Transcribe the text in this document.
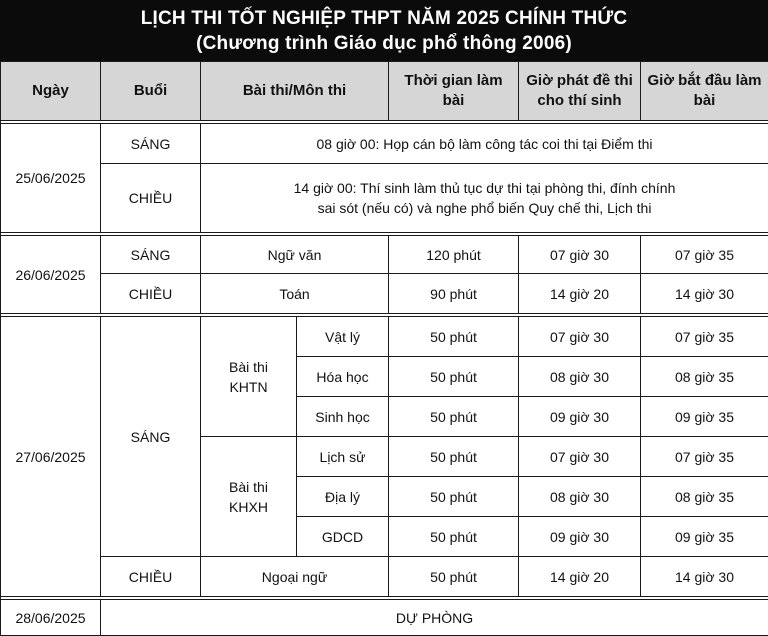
LỊCH THI TỐT NGHIỆP THPT NĂM 2025 CHÍNH THỨC
(Chương trình Giáo dục phổ thông 2006)
Ngày	Buổi	Bài thi/Môn thi		Thời gian làm bài	Giờ phát đề thi cho thí sinh	Giờ bắt đầu làm bài

25/06/2025	SÁNG	08 giờ 00: Họp cán bộ làm công tác coi thi tại Điểm thi				
	CHIỀU	14 giờ 00: Thí sinh làm thủ tục dự thi tại phòng thi, đính chính
sai sót (nếu có) và nghe phổ biến Quy chế thi, Lịch thi				

26/06/2025	SÁNG	Ngữ văn		120 phút	07 giờ 30	07 giờ 35
	CHIỀU	Toán		90 phút	14 giờ 20	14 giờ 30

27/06/2025	SÁNG	Bài thi KHTN	Vật lý	50 phút	07 giờ 30	07 giờ 35
			Hóa học	50 phút	08 giờ 30	08 giờ 35
			Sinh học	50 phút	09 giờ 30	09 giờ 35

		Bài thi KHXH	Lịch sử	50 phút	07 giờ 30	07 giờ 35
			Địa lý	50 phút	08 giờ 30	08 giờ 35
			GDCD	50 phút	09 giờ 30	09 giờ 35
	CHIỀU	Ngoại ngữ		50 phút	14 giờ 20	14 giờ 30

28/06/2025	DỰ PHÒNG					
